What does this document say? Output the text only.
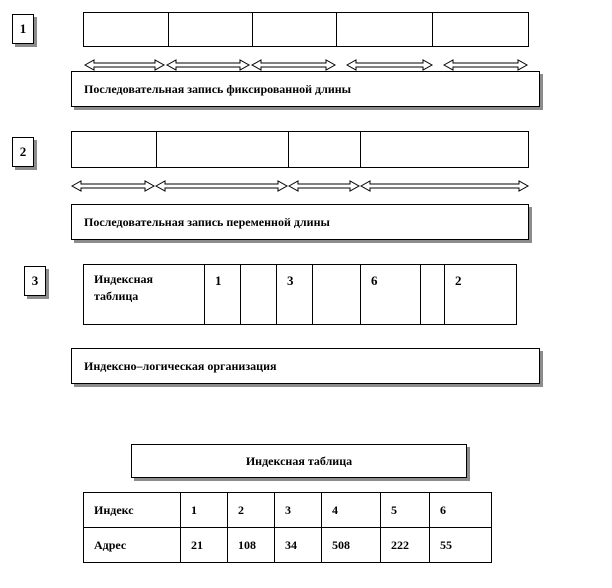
1
Последовательная запись фиксированной длины
2
Последовательная запись переменной длины
3	Индексная
таблица
1	3	6	2
Индексно–логическая организация
Индексная таблица
Индекс	1	2	3	4	5	6
Адрес	21	108	34	508	222	55
